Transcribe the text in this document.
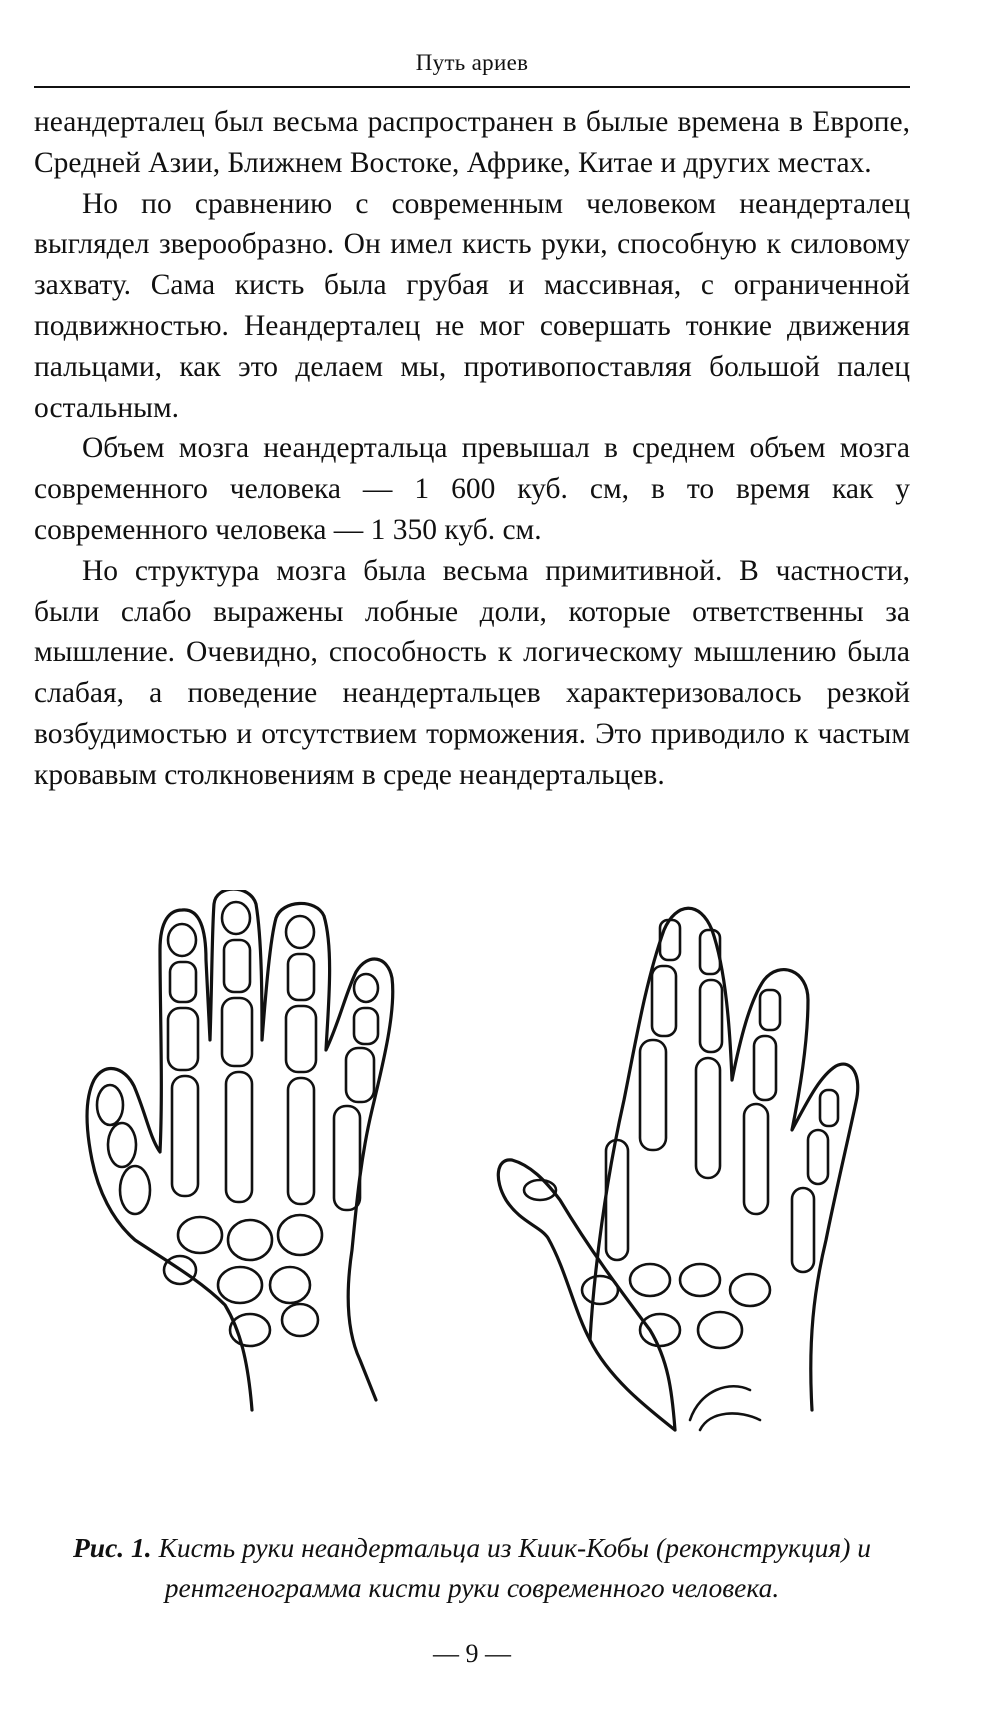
Путь ариев

неандерталец был весьма распространен в былые времена в Европе, Средней Азии, Ближнем Востоке, Африке, Китае и других местах.

Но по сравнению с современным человеком неандерталец выглядел зверообразно. Он имел кисть руки, способную к силовому захвату. Сама кисть была грубая и массивная, с ограниченной подвижностью. Неандерталец не мог совершать тонкие движения пальцами, как это делаем мы, противопоставляя большой палец остальным.

Объем мозга неандертальца превышал в среднем объем мозга современного человека — 1 600 куб. см, в то время как у современного человека — 1 350 куб. см.

Но структура мозга была весьма примитивной. В частности, были слабо выражены лобные доли, которые ответственны за мышление. Очевидно, способность к логическому мышлению была слабая, а поведение неандертальцев характеризовалось резкой возбудимостью и отсутствием торможения. Это приводило к частым кровавым столкновениям в среде неандертальцев.

Рис. 1. Кисть руки неандертальца из Киик-Кобы (реконструкция) и рентгенограмма кисти руки современного человека.
— 9 —
